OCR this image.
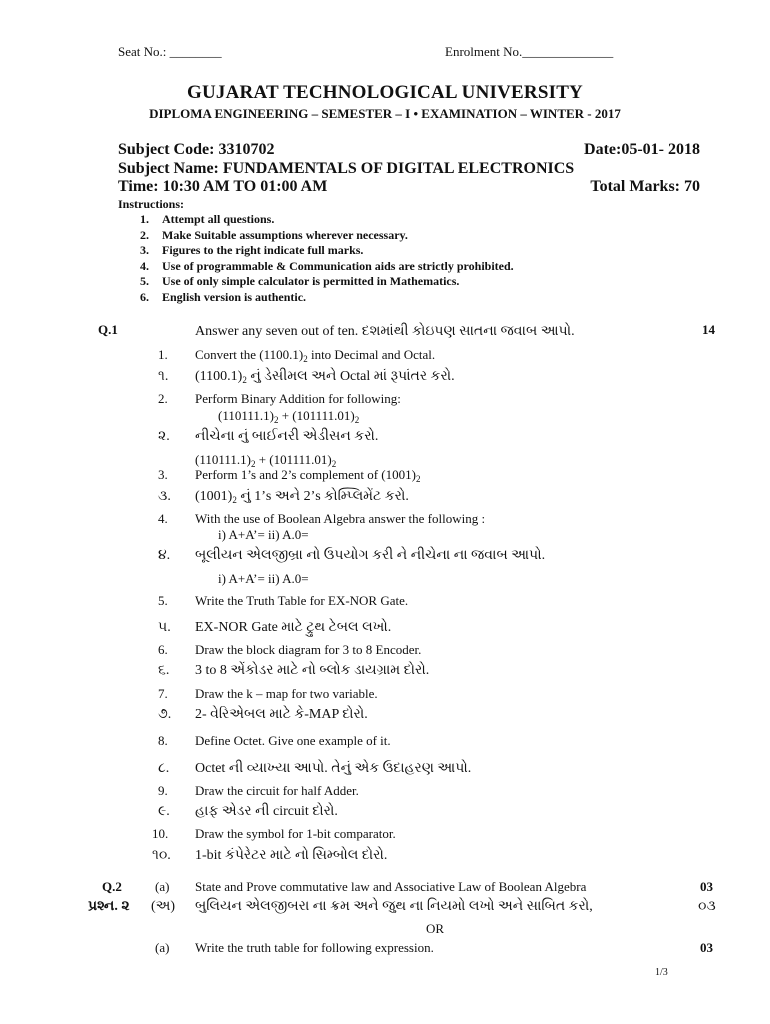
Seat No.: ________	Enrolment No.______________
GUJARAT TECHNOLOGICAL UNIVERSITY
DIPLOMA ENGINEERING – SEMESTER – I • EXAMINATION – WINTER - 2017
Subject Code: 3310702	Date:05-01- 2018
Subject Name: FUNDAMENTALS OF DIGITAL ELECTRONICS
Time: 10:30 AM TO 01:00 AM	Total Marks: 70
Instructions:
1. Attempt all questions.
2. Make Suitable assumptions wherever necessary.
3. Figures to the right indicate full marks.
4. Use of programmable & Communication aids are strictly prohibited.
5. Use of only simple calculator is permitted in Mathematics.
6. English version is authentic.
Q.1	14
Answer any seven out of ten. દશમાંથી કોઇપણ સાતના જવાબ આપો.
1. Convert the $(1100.1)_2$ into Decimal and Octal.
૧. $(1100.1)_2$ નું ડેસીમલ અને Octal માં રૂપાંતર કરો.
2. Perform Binary Addition for following:
$(110111.1)_2 + (101111.01)_2$
૨. નીચેના નું બાઈનરી એડીસન કરો.
$(110111.1)_2 + (101111.01)_2$
3. Perform 1’s and 2’s complement of $(1001)_2$
૩. $(1001)_2$ નું 1’s અને 2’s કોમ્પ્લિમેંટ કરો.
4. With the use of Boolean Algebra answer the following :
i) A+A’= ii) A.0=
૪. બૂલીયન એલજીબ્રા નો ઉપયોગ કરી ને નીચેના ના જવાબ આપો.
i) A+A’= ii) A.0=
5. Write the Truth Table for EX-NOR Gate.
૫. EX-NOR Gate માટે ટ્રુથ ટેબલ લખો.
6. Draw the block diagram for 3 to 8 Encoder.
૬. 3 to 8 એંકોડર માટે નો બ્લોક ડાયગ્રામ દોરો.
7. Draw the k – map for two variable.
૭. 2- વેરિએબલ માટે કે-MAP દોરો.
8. Define Octet. Give one example of it.
૮. Octet ની વ્યાખ્યા આપો. તેનું એક ઉદાહરણ આપો.
9. Draw the circuit for half Adder.
૯. હાફ એડર ની circuit દોરો.
10. Draw the symbol for 1-bit comparator.
૧૦. 1-bit કંપેરેટર માટે નો સિમ્બોલ દોરો.
Q.2	(a) State and Prove commutative law and Associative Law of Boolean Algebra	03
પ્રશ્ન. ૨ (અ) બુલિયન એલજીબરા ના ક્રમ અને જુથ ના નિયમો લખો અને સાબિત કરો,	૦૩
OR
(a) Write the truth table for following expression.	03
1/3
